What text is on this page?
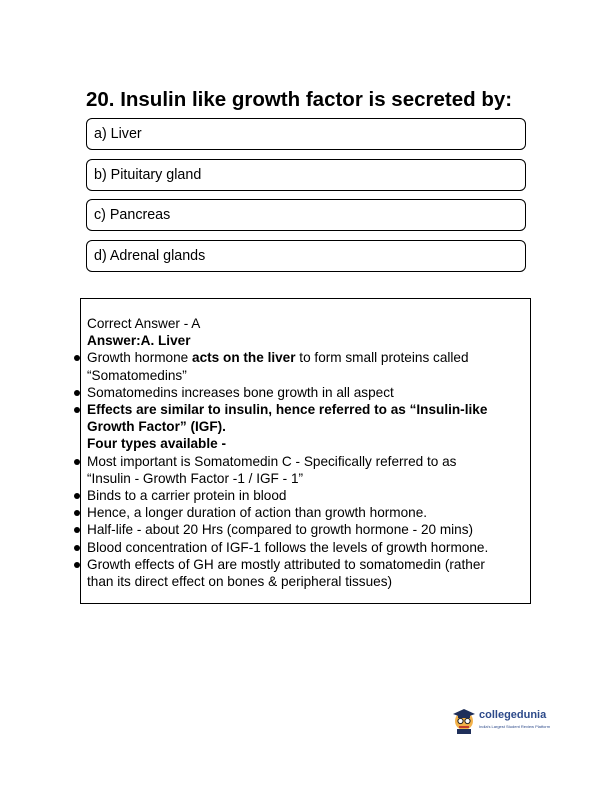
20. Insulin like growth factor is secreted by:
a) Liver
b) Pituitary gland
c) Pancreas
d) Adrenal glands
Correct Answer - A
Answer:A. Liver
Growth hormone acts on the liver to form small proteins called
“Somatomedins”
Somatomedins increases bone growth in all aspect
Effects are similar to insulin, hence referred to as “Insulin-like
Growth Factor” (IGF).
Four types available -
Most important is Somatomedin C - Specifically referred to as
“Insulin - Growth Factor -1 / IGF - 1”
Binds to a carrier protein in blood
Hence, a longer duration of action than growth hormone.
Half-life - about 20 Hrs (compared to growth hormone - 20 mins)
Blood concentration of IGF-1 follows the levels of growth hormone.
Growth effects of GH are mostly attributed to somatomedin (rather
than its direct effect on bones & peripheral tissues)
collegedunia
India's Largest Student Review Platform
